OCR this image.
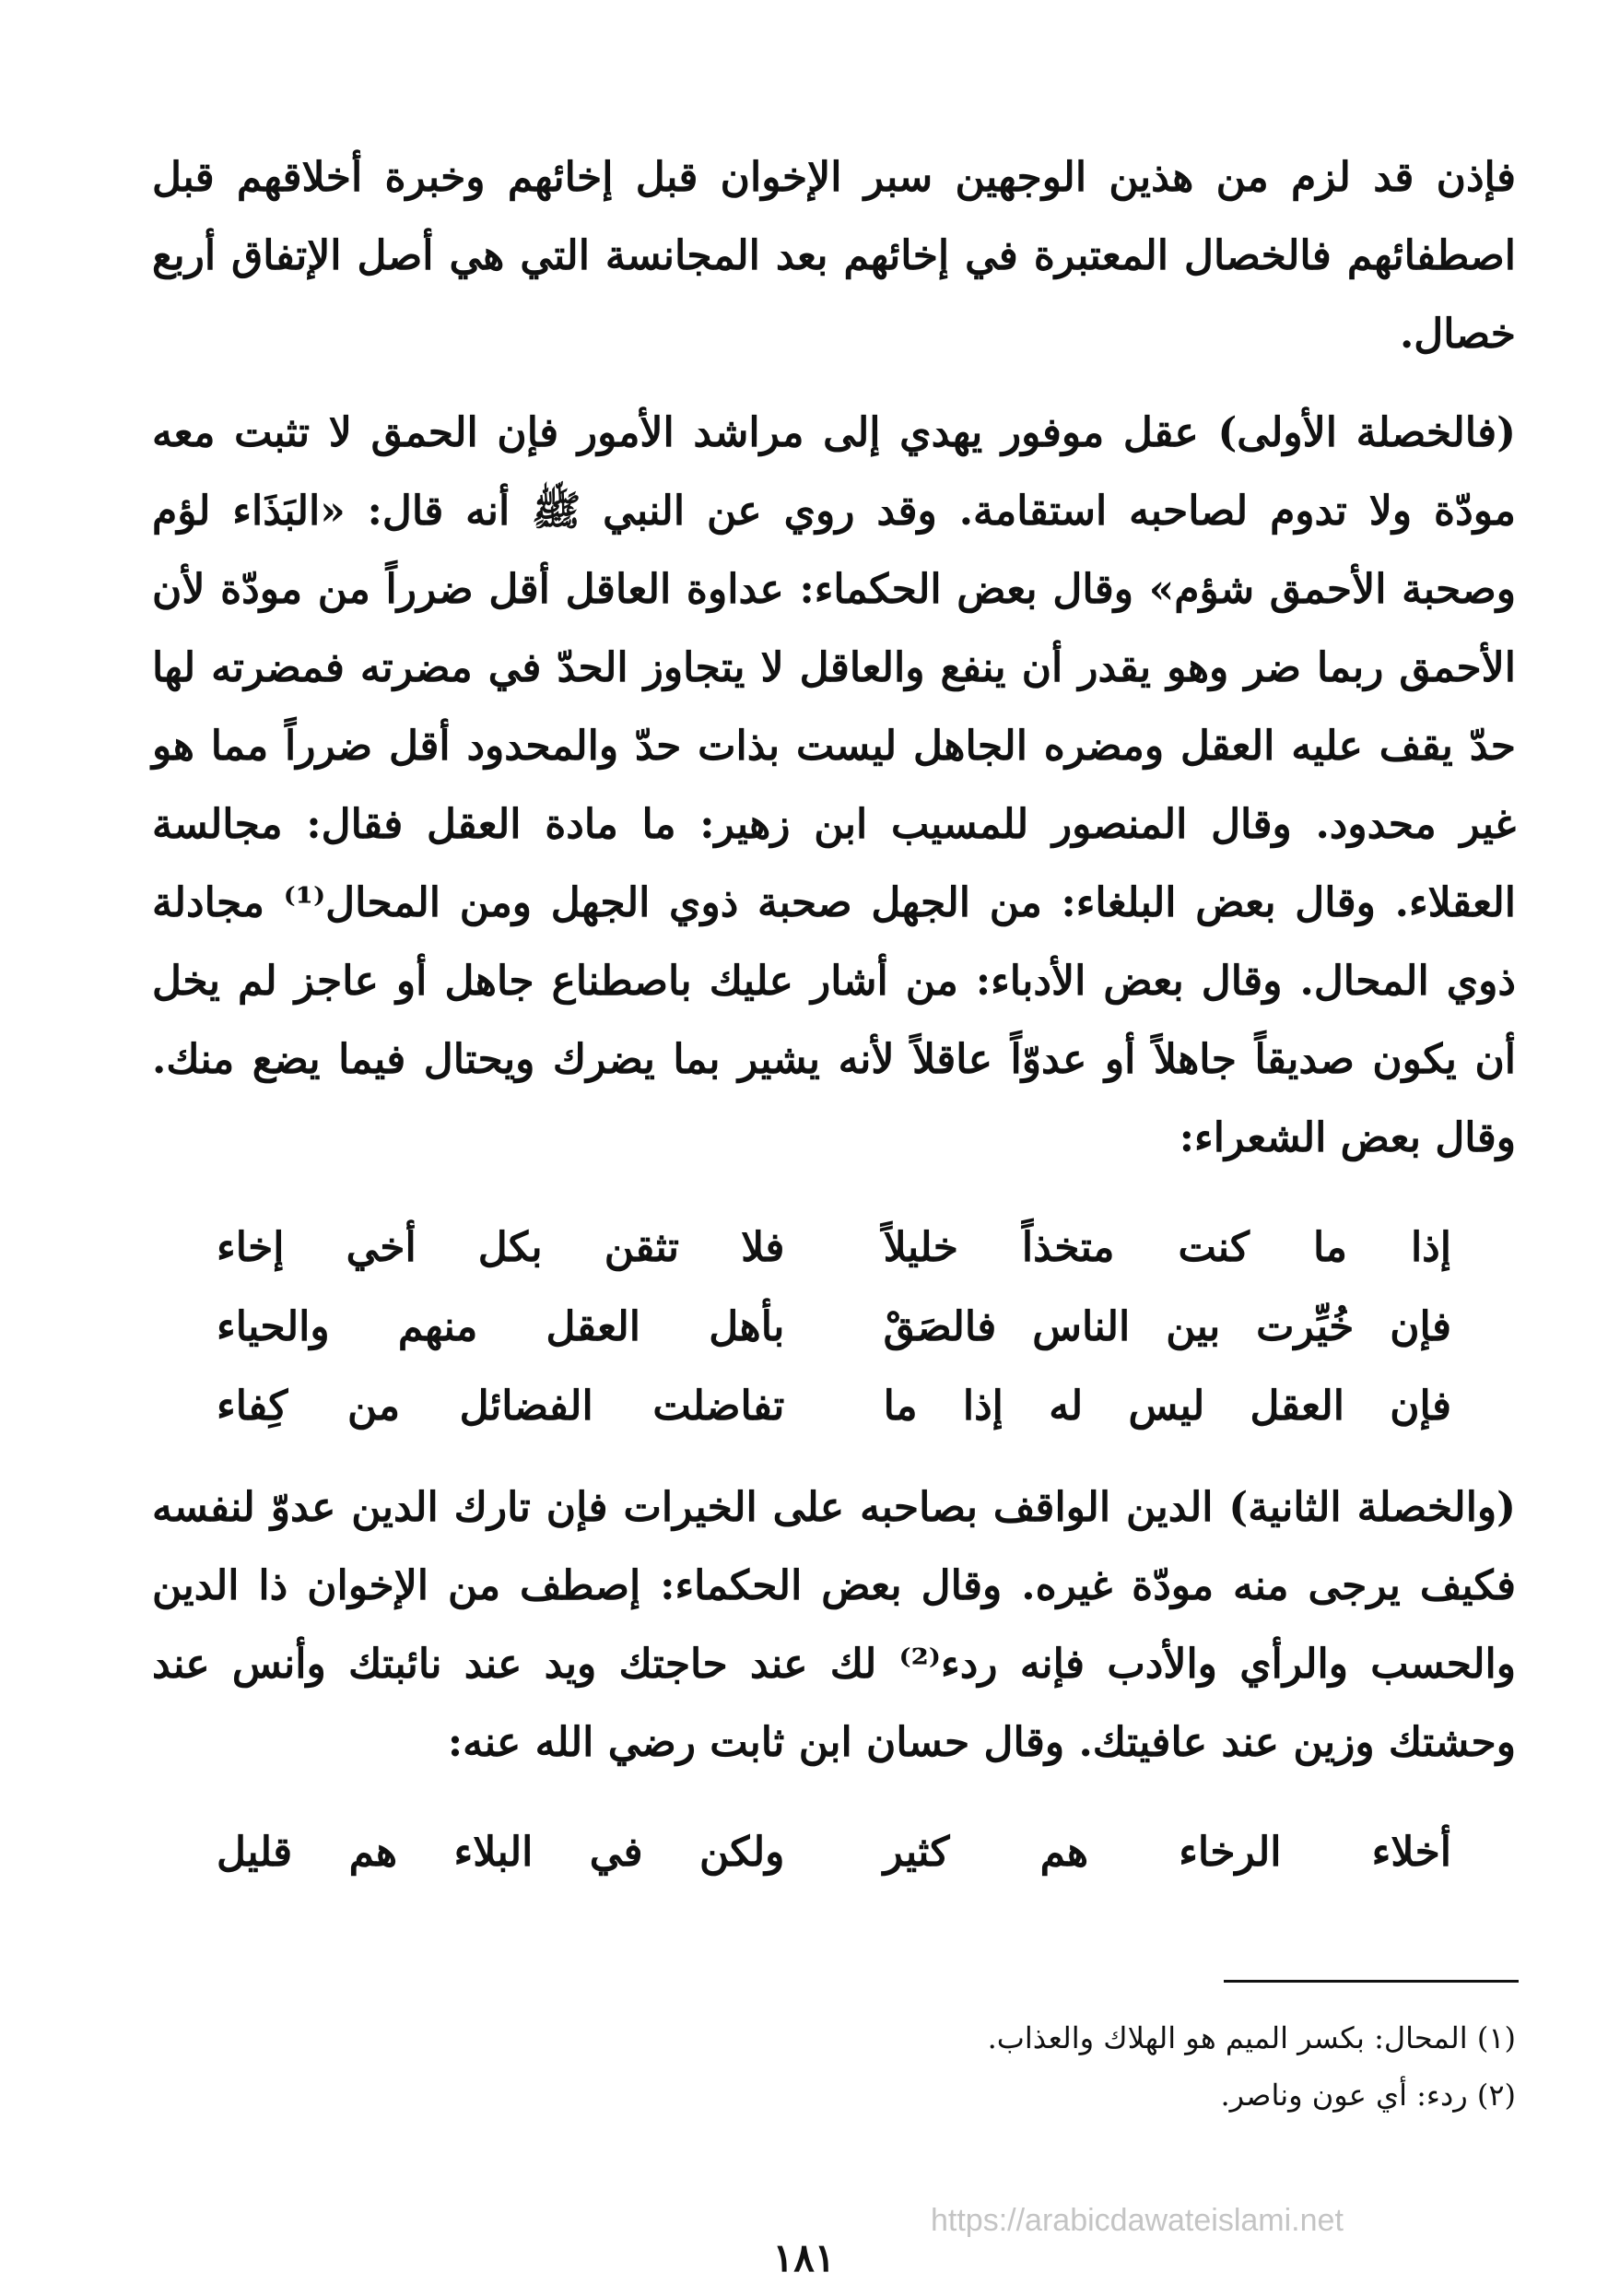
فإذن قد لزم من هذين الوجهين سبر الإخوان قبل إخائهم وخبرة أخلاقهم قبل اصطفائهم فالخصال المعتبرة في إخائهم بعد المجانسة التي هي أصل الإتفاق أربع خصال.

(فالخصلة الأولى) عقل موفور يهدي إلى مراشد الأمور فإن الحمق لا تثبت معه مودّة ولا تدوم لصاحبه استقامة. وقد روي عن النبي ﷺ أنه قال: «البَذَاء لؤم وصحبة الأحمق شؤم» وقال بعض الحكماء: عداوة العاقل أقل ضرراً من مودّة لأن الأحمق ربما ضر وهو يقدر أن ينفع والعاقل لا يتجاوز الحدّ في مضرته فمضرته لها حدّ يقف عليه العقل ومضره الجاهل ليست بذات حدّ والمحدود أقل ضرراً مما هو غير محدود. وقال المنصور للمسيب ابن زهير: ما مادة العقل فقال: مجالسة العقلاء. وقال بعض البلغاء: من الجهل صحبة ذوي الجهل ومن المحال⁽¹⁾ مجادلة ذوي المحال. وقال بعض الأدباء: من أشار عليك باصطناع جاهل أو عاجز لم يخل أن يكون صديقاً جاهلاً أو عدوّاً عاقلاً لأنه يشير بما يضرك ويحتال فيما يضع منك. وقال بعض الشعراء:

إذا ما كنت متخذاً خليلاً
فلا تثقن بكل أخي إخاء
فإن خُيِّرت بين الناس فالصَقْ
بأهل العقل منهم والحياء
فإن العقل ليس له إذا ما
تفاضلت الفضائل من كِفاء

(والخصلة الثانية) الدين الواقف بصاحبه على الخيرات فإن تارك الدين عدوّ لنفسه فكيف يرجى منه مودّة غيره. وقال بعض الحكماء: إصطف من الإخوان ذا الدين والحسب والرأي والأدب فإنه ردء⁽²⁾ لك عند حاجتك ويد عند نائبتك وأنس عند وحشتك وزين عند عافيتك. وقال حسان ابن ثابت رضي الله عنه:

أخلاء الرخاء هم كثير
ولكن في البلاء هم قليل
(١) المحال: بكسر الميم هو الهلاك والعذاب.
(٢) ردء: أي عون وناصر.
https://arabicdawateislami.net
١٨١
